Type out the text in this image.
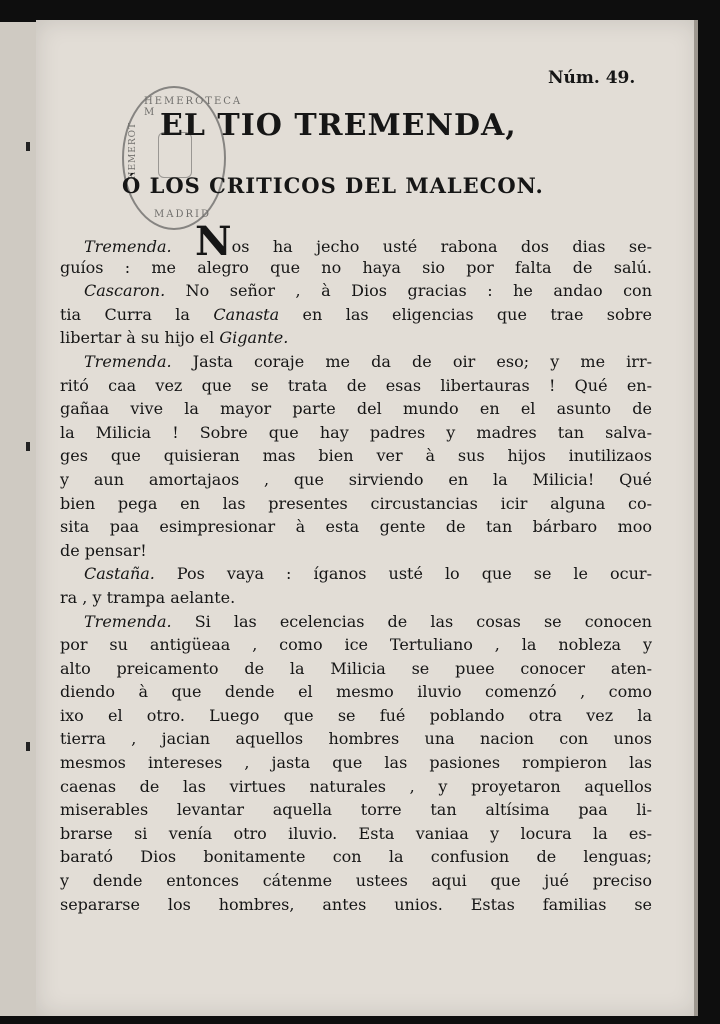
HEMEROTECA M
HEMEROT
MADRID
Núm. 49.
EL TIO TREMENDA,
Ó LOS CRITICOS DEL MALECON.
Tremenda. Nos ha jecho usté rabona dos dias se-
guíos : me alegro que no haya sio por falta de salú.
Cascaron. No señor , à Dios gracias : he andao con
tia Curra la Canasta en las eligencias que trae sobre
libertar à su hijo el Gigante.
Tremenda. Jasta coraje me da de oir eso; y me irr-
ritó caa vez que se trata de esas libertauras ! Qué en-
gañaa vive la mayor parte del mundo en el asunto de
la Milicia ! Sobre que hay padres y madres tan salva-
ges que quisieran mas bien ver à sus hijos inutilizaos
y aun amortajaos , que sirviendo en la Milicia! Qué
bien pega en las presentes circustancias icir alguna co-
sita paa esimpresionar à esta gente de tan bárbaro moo
de pensar!
Castaña. Pos vaya : íganos usté lo que se le ocur-
ra , y trampa aelante.
Tremenda. Si las ecelencias de las cosas se conocen
por su antigüeaa , como ice Tertuliano , la nobleza y
alto preicamento de la Milicia se puee conocer aten-
diendo à que dende el mesmo iluvio comenzó , como
ixo el otro. Luego que se fué poblando otra vez la
tierra , jacian aquellos hombres una nacion con unos
mesmos intereses , jasta que las pasiones rompieron las
caenas de las virtues naturales , y proyetaron aquellos
miserables levantar aquella torre tan altísima paa li-
brarse si venía otro iluvio. Esta vaniaa y locura la es-
barató Dios bonitamente con la confusion de lenguas;
y dende entonces cátenme ustees aqui que jué preciso
separarse los hombres, antes unios. Estas familias se
